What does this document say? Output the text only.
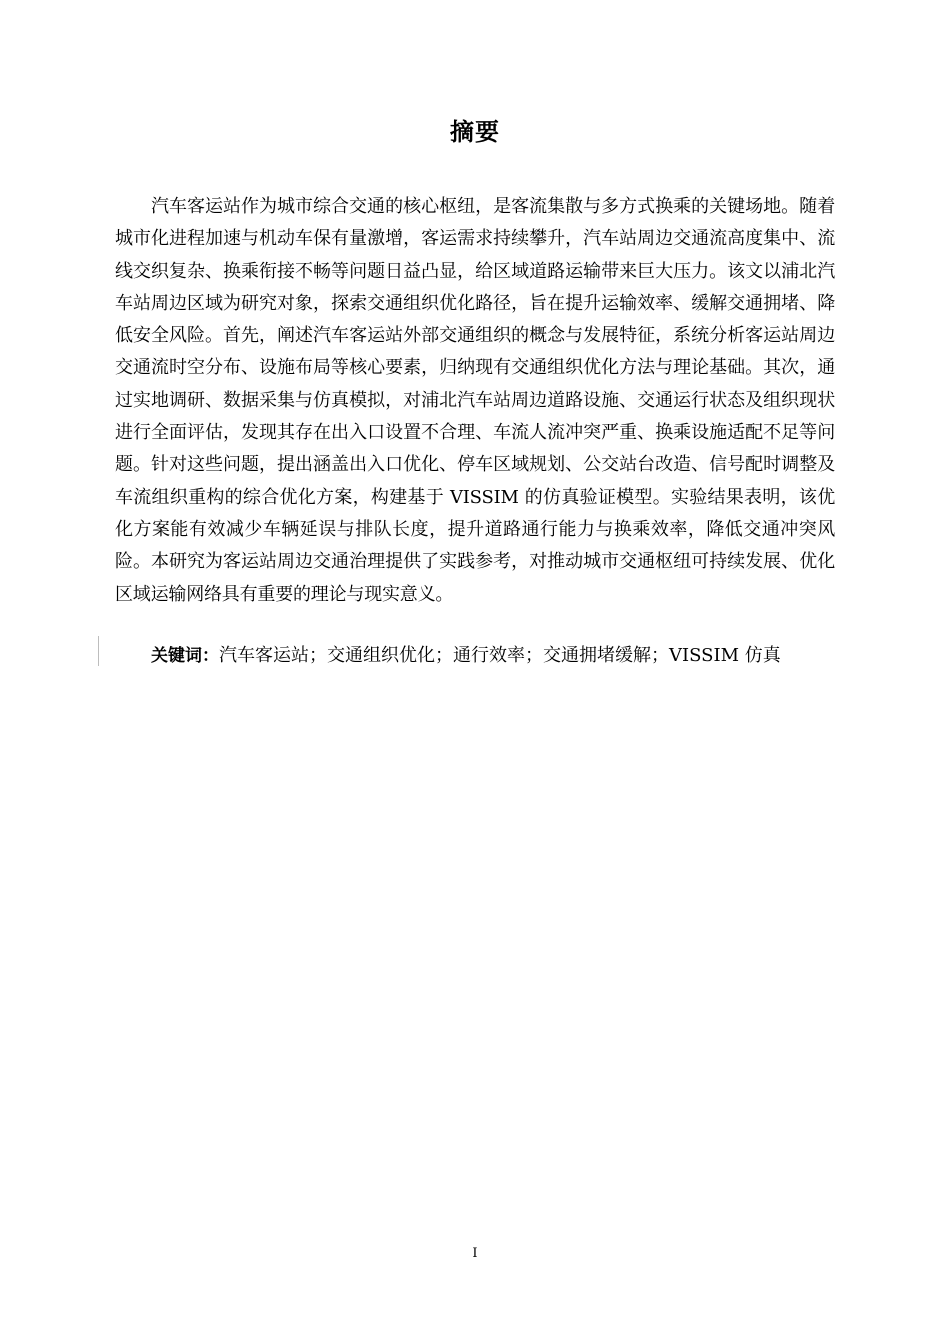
摘要

汽车客运站作为城市综合交通的核心枢纽，是客流集散与多方式换乘的关键场地。随着城市化进程加速与机动车保有量激增，客运需求持续攀升，汽车站周边交通流高度集中、流线交织复杂、换乘衔接不畅等问题日益凸显，给区域道路运输带来巨大压力。该文以浦北汽车站周边区域为研究对象，探索交通组织优化路径，旨在提升运输效率、缓解交通拥堵、降低安全风险。首先，阐述汽车客运站外部交通组织的概念与发展特征，系统分析客运站周边交通流时空分布、设施布局等核心要素，归纳现有交通组织优化方法与理论基础。其次，通过实地调研、数据采集与仿真模拟，对浦北汽车站周边道路设施、交通运行状态及组织现状进行全面评估，发现其存在出入口设置不合理、车流人流冲突严重、换乘设施适配不足等问题。针对这些问题，提出涵盖出入口优化、停车区域规划、公交站台改造、信号配时调整及车流组织重构的综合优化方案，构建基于 VISSIM 的仿真验证模型。实验结果表明，该优化方案能有效减少车辆延误与排队长度，提升道路通行能力与换乘效率，降低交通冲突风险。本研究为客运站周边交通治理提供了实践参考，对推动城市交通枢纽可持续发展、优化区域运输网络具有重要的理论与现实意义。

关键词：汽车客运站；交通组织优化；通行效率；交通拥堵缓解；VISSIM 仿真
I
